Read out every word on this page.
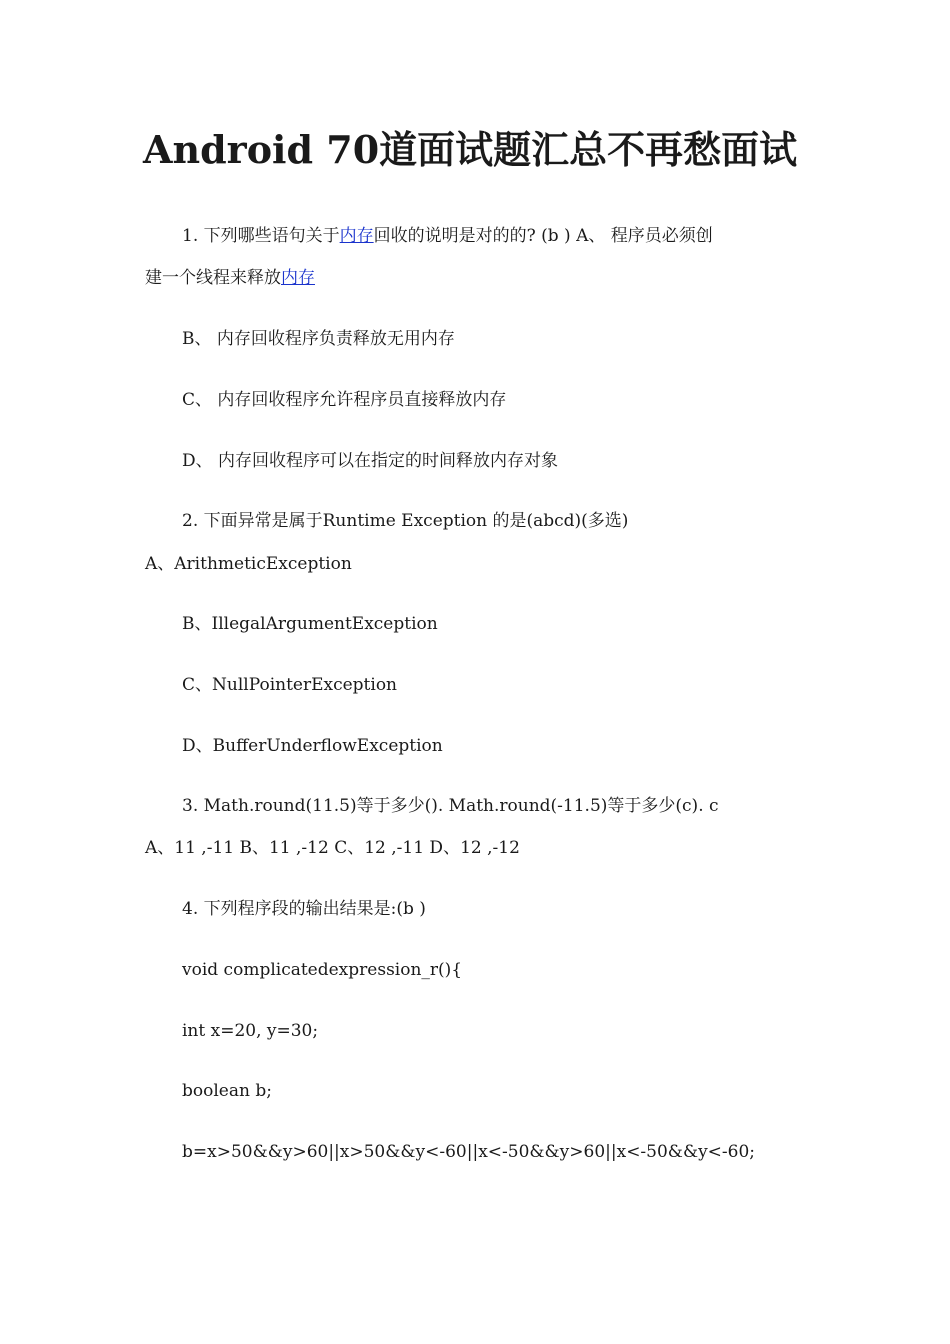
Android 70道面试题汇总不再愁面试
1. 下列哪些语句关于内存回收的说明是对的的? (b ) A、 程序员必须创
建一个线程来释放内存
B、 内存回收程序负责释放无用内存
C、 内存回收程序允许程序员直接释放内存
D、 内存回收程序可以在指定的时间释放内存对象
2. 下面异常是属于Runtime Exception 的是(abcd)(多选)
A、ArithmeticException
B、IllegalArgumentException
C、NullPointerException
D、BufferUnderflowException
3. Math.round(11.5)等于多少(). Math.round(-11.5)等于多少(c). c
A、11 ,-11 B、11 ,-12 C、12 ,-11 D、12 ,-12
4. 下列程序段的输出结果是:(b )
void complicatedexpression_r(){
int x=20, y=30;
boolean b;
b=x>50&&y>60||x>50&&y<-60||x<-50&&y>60||x<-50&&y<-60;
